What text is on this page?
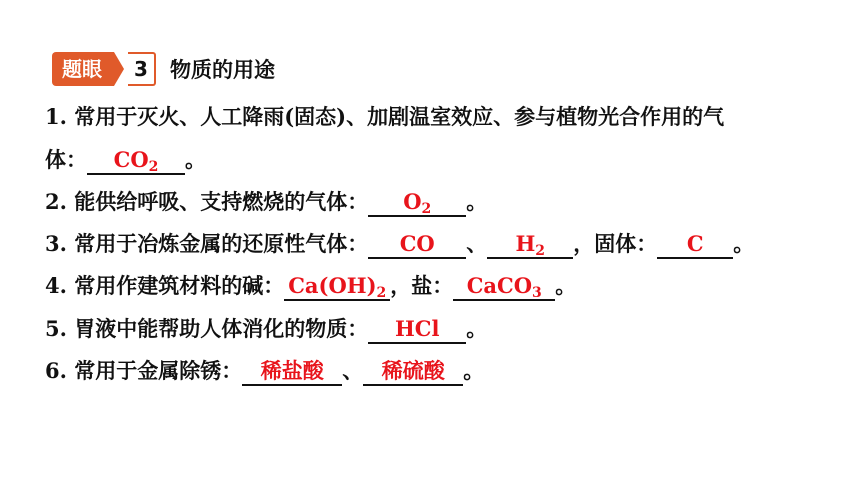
题眼	3	物质的用途
1. 常用于灭火、人工降雨(固态)、加剧温室效应、参与植物光合作用的气
体： $CO_2$ 。
2. 能供给呼吸、支持燃烧的气体： $O_2$ 。
3. 常用于冶炼金属的还原性气体： CO 、 $H_2$ ，固体： C 。
4. 常用作建筑材料的碱： $Ca(OH)_2$ ，盐： CaCO$_3$ 。
5. 胃液中能帮助人体消化的物质： HCl 。
6. 常用于金属除锈： 稀盐酸 、 稀硫酸 。
